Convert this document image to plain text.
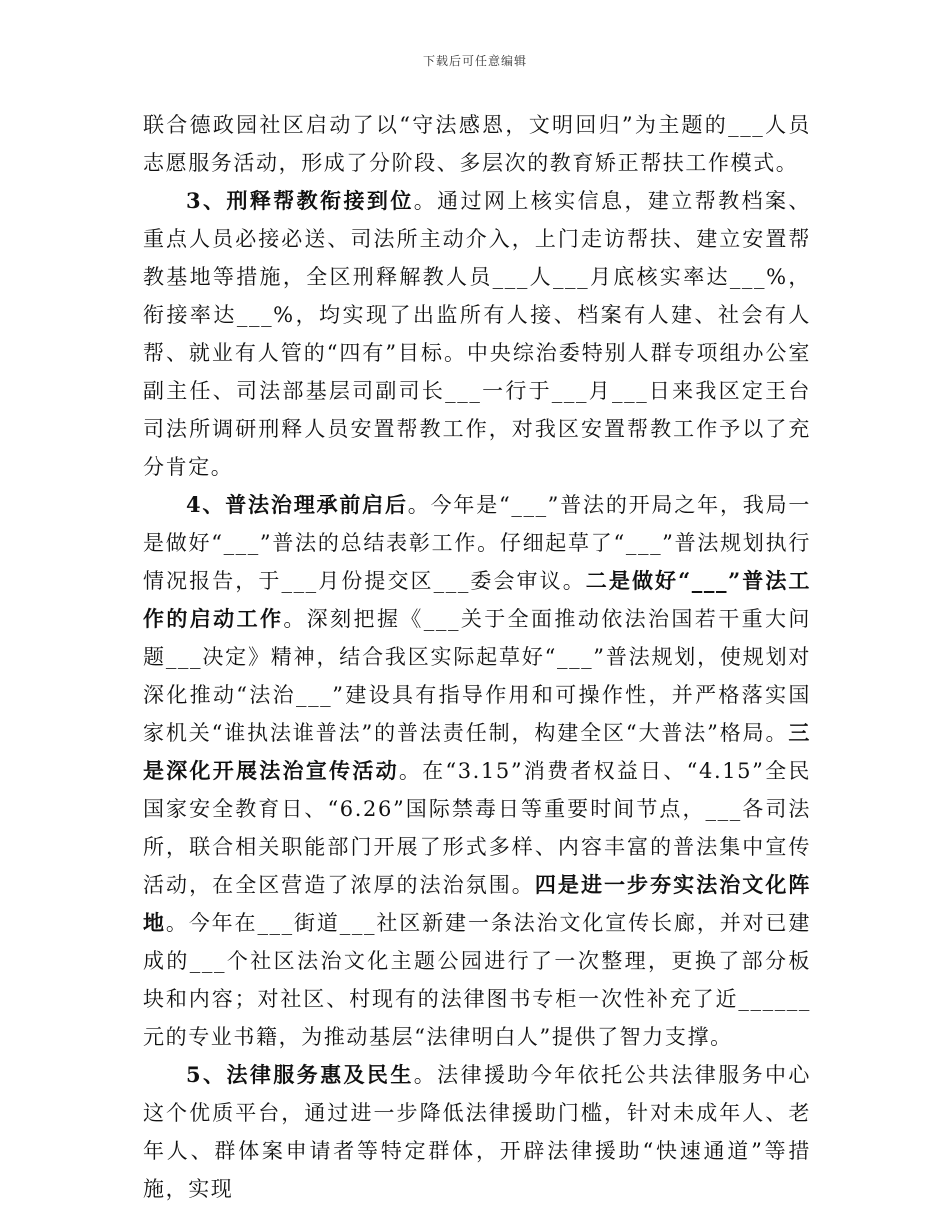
下载后可任意编辑

联合德政园社区启动了以“守法感恩，文明回归”为主题的___人员志愿服务活动，形成了分阶段、多层次的教育矫正帮扶工作模式。

3、刑释帮教衔接到位。通过网上核实信息，建立帮教档案、重点人员必接必送、司法所主动介入，上门走访帮扶、建立安置帮教基地等措施，全区刑释解教人员___人___月底核实率达___%，衔接率达___%，均实现了出监所有人接、档案有人建、社会有人帮、就业有人管的“四有”目标。中央综治委特别人群专项组办公室副主任、司法部基层司副司长___一行于___月___日来我区定王台司法所调研刑释人员安置帮教工作，对我区安置帮教工作予以了充分肯定。

4、普法治理承前启后。今年是“___”普法的开局之年，我局一是做好“___”普法的总结表彰工作。仔细起草了“___”普法规划执行情况报告，于___月份提交区___委会审议。二是做好“___”普法工作的启动工作。深刻把握《___关于全面推动依法治国若干重大问题___决定》精神，结合我区实际起草好“___”普法规划，使规划对深化推动“法治___”建设具有指导作用和可操作性，并严格落实国家机关“谁执法谁普法”的普法责任制，构建全区“大普法”格局。三是深化开展法治宣传活动。在“3.15”消费者权益日、“4.15”全民国家安全教育日、“6.26”国际禁毒日等重要时间节点，___各司法所，联合相关职能部门开展了形式多样、内容丰富的普法集中宣传活动，在全区营造了浓厚的法治氛围。四是进一步夯实法治文化阵地。今年在___街道___社区新建一条法治文化宣传长廊，并对已建成的___个社区法治文化主题公园进行了一次整理，更换了部分板块和内容；对社区、村现有的法律图书专柜一次性补充了近______元的专业书籍，为推动基层“法律明白人”提供了智力支撑。

5、法律服务惠及民生。法律援助今年依托公共法律服务中心这个优质平台，通过进一步降低法律援助门槛，针对未成年人、老年人、群体案申请者等特定群体，开辟法律援助“快速通道”等措施，实现
